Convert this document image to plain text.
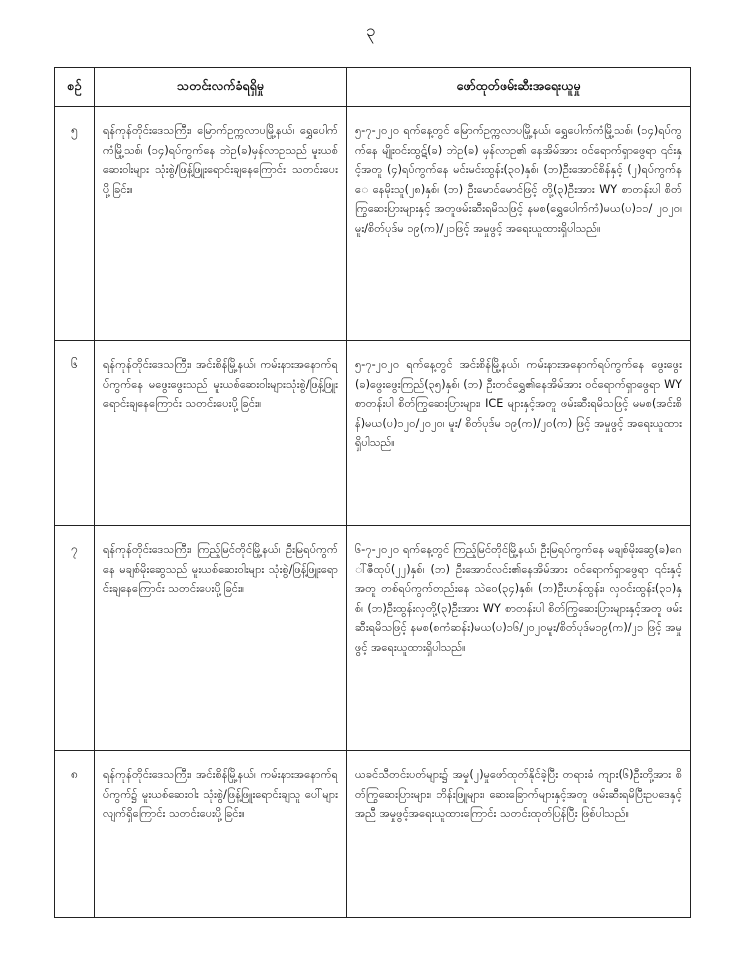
၃
စဉ်	သတင်းလက်ခံရရှိမှု	ဖော်ထုတ်ဖမ်းဆီးအရေးယူမှု
၅	ရန်ကုန်တိုင်းဒေသကြီး၊ မြောက်ဥက္ကလာပမြို့နယ်၊ ရွှေပေါက်ကံမြို့သစ်၊ (၁၄)ရပ်ကွက်နေ ဘဲဥ(ခ)မှန်လာဥသည် မူးယစ်ဆေးဝါးများ သုံးစွဲ/ဖြန့်ဖြူးရောင်းချနေကြောင်း သတင်းပေးပို့ခြင်း။	၅-၇-၂၀၂၀ ရက်နေ့တွင် မြောက်ဥက္ကလာပမြို့နယ်၊ ရွှေပေါက်ကံမြို့သစ်၊ (၁၄)ရပ်ကွက်နေ မျိုးဝင်းထွဋ်(ခ) ဘဲဥ(ခ) မှန်လာဥ၏ နေအိမ်အား ဝင်ရောက်ရှာဖွေရာ ၎င်းနှင့်အတူ (၄)ရပ်ကွက်နေ မင်းမင်းထွန်း(၃၀)နှစ်၊ (ဘ)ဦးအောင်စိန်နှင့် (၂)ရပ်ကွက်နေ နေမိုးသူ(၂၈)နှစ်၊ (ဘ) ဦးမောင်မောင်ဖြင့် တို့(၃)ဦးအား WY စာတန်းပါ စိတ်ကြွဆေးပြားများနှင့် အတူဖမ်းဆီးရမိသဖြင့် နမစ(ရွှေပေါက်ကံ)မယ(ပ)၁၁/ ၂၀၂၀၊ မူး/စိတ်ပုဒ်မ ၁၉(က)/၂၁ဖြင့် အမှုဖွင့် အရေးယူထားရှိပါသည်။
၆	ရန်ကုန်တိုင်းဒေသကြီး၊ အင်းစိန်မြို့နယ်၊ ကမ်းနားအနောက်ရပ်ကွက်နေ မဖွေးဖွေးသည် မူးယစ်ဆေးဝါးများသုံးစွဲ/ဖြန့်ဖြူးရောင်းချနေကြောင်း သတင်းပေးပို့ခြင်း။	၅-၇-၂၀၂၀ ရက်နေ့တွင် အင်းစိန်မြို့နယ်၊ ကမ်းနားအနောက်ရပ်ကွက်နေ ဖွေးဖွေး(ခ)ဖွေးဖွေးကြည်(၃၅)နှစ်၊ (ဘ) ဦးတင်ရွှေ၏နေအိမ်အား ဝင်ရောက်ရှာဖွေရာ WY စာတန်းပါ စိတ်ကြွဆေးပြားများ၊ ICE များနှင့်အတူ ဖမ်းဆီးရမိသဖြင့် မမစ(အင်းစိန်)မယ(ပ)၁၂၀/၂၀၂၀၊ မူး/ စိတ်ပုဒ်မ ၁၉(က)/၂၀(က) ဖြင့် အမှုဖွင့် အရေးယူထားရှိပါသည်။
၇	ရန်ကုန်တိုင်းဒေသကြီး၊ ကြည့်မြင်တိုင်မြို့နယ်၊ ဦးမြရပ်ကွက်နေ မချစ်မိုးဆွေသည် မူးယစ်ဆေးဝါးများ သုံးစွဲ/ဖြန့်ဖြူးရောင်းချနေကြောင်း သတင်းပေးပို့ခြင်း။	၆-၇-၂၀၂၀ ရက်နေ့တွင် ကြည့်မြင်တိုင်မြို့နယ်၊ ဦးမြရပ်ကွက်နေ မချစ်မိုးဆွေ(ခ)ဂေါ်ဇီထုပ်(၂၂)နှစ်၊ (ဘ) ဦးအောင်လင်း၏နေအိမ်အား ဝင်ရောက်ရှာဖွေရာ ၎င်းနှင့်အတူ တစ်ရပ်ကွက်တည်းနေ သဲဝေ(၃၄)နှစ်၊ (ဘ)ဦးဟန်ထွန်း၊ လှဝင်းထွန်း(၃၁)နှစ်၊ (ဘ)ဦးထွန်းလှတို့(၃)ဦးအား WY စာတန်းပါ စိတ်ကြွဆေးပြားများနှင့်အတူ ဖမ်းဆီးရမိသဖြင့် နမစ(စကံဆန်း)မယ(ပ)၁၆/၂၀၂၀မူး/စိတ်ပုဒ်မ၁၉(က)/၂၁ ဖြင့် အမှုဖွင့် အရေးယူထားရှိပါသည်။
၈	ရန်ကုန်တိုင်းဒေသကြီး၊ အင်းစိန်မြို့နယ်၊ ကမ်းနားအနောက်ရပ်ကွက်၌ မူးယစ်ဆေးဝါး သုံးစွဲ/ဖြန့်ဖြူးရောင်းချသူ ပေါ်များလျက်ရှိကြောင်း သတင်းပေးပို့ခြင်း။	ယခင်သီတင်းပတ်များ၌ အမှု(၂)မှုဖော်ထုတ်နိုင်ခဲ့ပြီး တရားခံ ကျား(၆)ဦးတို့အား စိတ်ကြွဆေးပြားများ၊ ဘိန်းဖြူများ၊ ဆေးခြောက်များနှင့်အတူ ဖမ်းဆီးရမိပြီးဥပဒေနှင့်အညီ အမှုဖွင့်အရေးယူထားကြောင်း သတင်းထုတ်ပြန်ပြီး ဖြစ်ပါသည်။
